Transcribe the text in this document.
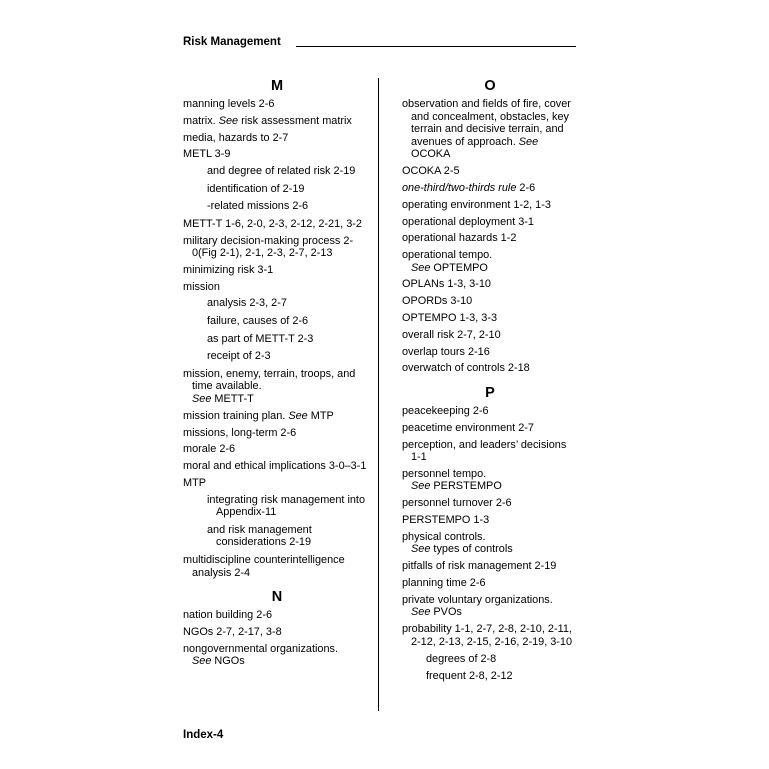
Risk Management
M
manning levels 2-6
matrix. See risk assessment matrix
media, hazards to 2-7
METL 3-9
and degree of related risk 2-19
identification of 2-19
-related missions 2-6
METT-T 1-6, 2-0, 2-3, 2-12, 2-21, 3-2
military decision-making process 2-0(Fig 2-1), 2-1, 2-3, 2-7, 2-13
minimizing risk 3-1
mission
analysis 2-3, 2-7
failure, causes of 2-6
as part of METT-T 2-3
receipt of 2-3
mission, enemy, terrain, troops, and time available.
See METT-T
mission training plan. See MTP
missions, long-term 2-6
morale 2-6
moral and ethical implications 3-0–3-1
MTP
integrating risk management into Appendix-11
and risk management considerations 2-19
multidiscipline counterintelligence analysis 2-4
N
nation building 2-6
NGOs 2-7, 2-17, 3-8
nongovernmental organizations.
See NGOs
O
observation and fields of fire, cover and concealment, obstacles, key terrain and decisive terrain, and avenues of approach. See OCOKA
OCOKA 2-5
one-third/two-thirds rule 2-6
operating environment 1-2, 1-3
operational deployment 3-1
operational hazards 1-2
operational tempo.
See OPTEMPO
OPLANs 1-3, 3-10
OPORDs 3-10
OPTEMPO 1-3, 3-3
overall risk 2-7, 2-10
overlap tours 2-16
overwatch of controls 2-18
P
peacekeeping 2-6
peacetime environment 2-7
perception, and leaders’ decisions 1-1
personnel tempo.
See PERSTEMPO
personnel turnover 2-6
PERSTEMPO 1-3
physical controls.
See types of controls
pitfalls of risk management 2-19
planning time 2-6
private voluntary organizations.
See PVOs
probability 1-1, 2-7, 2-8, 2-10, 2-11, 2-12, 2-13, 2-15, 2-16, 2-19, 3-10
degrees of 2-8
frequent 2-8, 2-12
Index-4
